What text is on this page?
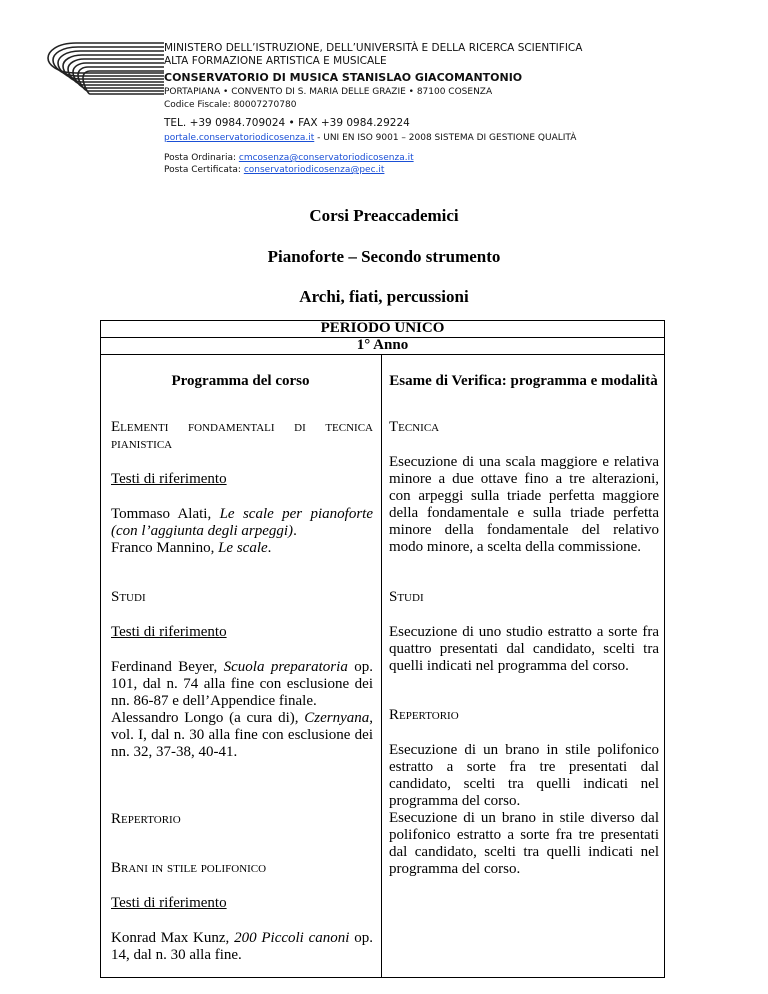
MINISTERO DELL’ISTRUZIONE, DELL’UNIVERSITÀ E DELLA RICERCA SCIENTIFICA
ALTA FORMAZIONE ARTISTICA E MUSICALE
CONSERVATORIO DI MUSICA STANISLAO GIACOMANTONIO
PORTAPIANA • CONVENTO DI S. MARIA DELLE GRAZIE • 87100 COSENZA
Codice Fiscale: 80007270780
TEL. +39 0984.709024 • FAX +39 0984.29224
portale.conservatoriodicosenza.it - UNI EN ISO 9001 – 2008 SISTEMA DI GESTIONE QUALITÀ
Posta Ordinaria: cmcosenza@conservatoriodicosenza.it
Posta Certificata: conservatoriodicosenza@pec.it
Corsi Preaccademici
Pianoforte – Secondo strumento
Archi, fiati, percussioni
PERIODO UNICO
1° Anno
Programma del corso	Esame di Verifica: programma e modalità

Elementi fondamentali di tecnica pianistica

Testi di riferimento

Tommaso Alati, Le scale per pianoforte (con l’aggiunta degli arpeggi).

Franco Mannino, Le scale.

Studi

Testi di riferimento

Ferdinand Beyer, Scuola preparatoria op. 101, dal n. 74 alla fine con esclusione dei nn. 86-87 e dell’Appendice finale.

Alessandro Longo (a cura di), Czernyana, vol. I, dal n. 30 alla fine con esclusione dei nn. 32, 37-38, 40-41.

Repertorio

Brani in stile polifonico

Testi di riferimento

Konrad Max Kunz, 200 Piccoli canoni op. 14, dal n. 30 alla fine.

Tecnica

Esecuzione di una scala maggiore e relativa minore a due ottave fino a tre alterazioni, con arpeggi sulla triade perfetta maggiore della fondamentale e sulla triade perfetta minore della fondamentale del relativo modo minore, a scelta della commissione.

Studi

Esecuzione di uno studio estratto a sorte fra quattro presentati dal candidato, scelti tra quelli indicati nel programma del corso.

Repertorio

Esecuzione di un brano in stile polifonico estratto a sorte fra tre presentati dal candidato, scelti tra quelli indicati nel programma del corso.

Esecuzione di un brano in stile diverso dal polifonico estratto a sorte fra tre presentati dal candidato, scelti tra quelli indicati nel programma del corso.
